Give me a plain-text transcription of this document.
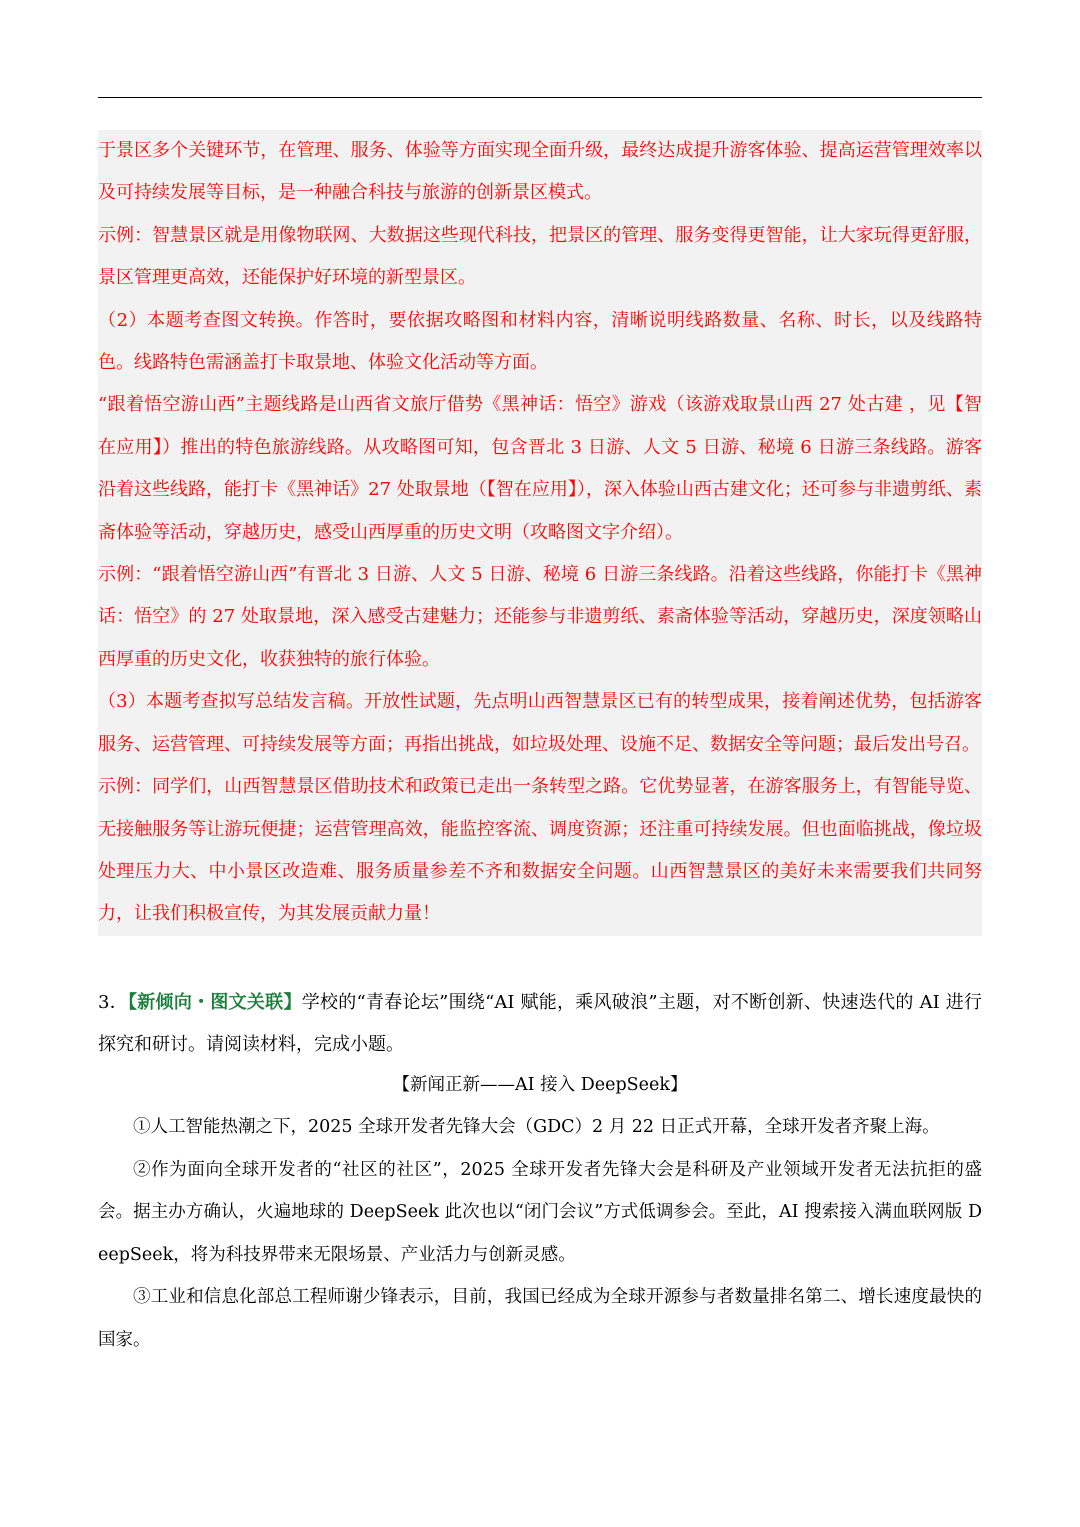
于景区多个关键环节，在管理、服务、体验等方面实现全面升级，最终达成提升游客体验、提高运营管理效率以及可持续发展等目标，是一种融合科技与旅游的创新景区模式。

示例：智慧景区就是用像物联网、大数据这些现代科技，把景区的管理、服务变得更智能，让大家玩得更舒服，景区管理更高效，还能保护好环境的新型景区。

（2）本题考查图文转换。作答时，要依据攻略图和材料内容，清晰说明线路数量、名称、时长，以及线路特色。线路特色需涵盖打卡取景地、体验文化活动等方面。

“跟着悟空游山西”主题线路是山西省文旅厅借势《黑神话：悟空》游戏（该游戏取景山西 27 处古建 ，见【智在应用】）推出的特色旅游线路。从攻略图可知，包含晋北 3 日游、人文 5 日游、秘境 6 日游三条线路。游客沿着这些线路，能打卡《黑神话》27 处取景地（【智在应用】），深入体验山西古建文化；还可参与非遗剪纸、素斋体验等活动，穿越历史，感受山西厚重的历史文明（攻略图文字介绍）。

示例：“跟着悟空游山西”有晋北 3 日游、人文 5 日游、秘境 6 日游三条线路。沿着这些线路，你能打卡《黑神话：悟空》的 27 处取景地，深入感受古建魅力；还能参与非遗剪纸、素斋体验等活动，穿越历史，深度领略山西厚重的历史文化，收获独特的旅行体验。

（3）本题考查拟写总结发言稿。开放性试题，先点明山西智慧景区已有的转型成果，接着阐述优势，包括游客服务、运营管理、可持续发展等方面；再指出挑战，如垃圾处理、设施不足、数据安全等问题；最后发出号召。

示例：同学们，山西智慧景区借助技术和政策已走出一条转型之路。它优势显著，在游客服务上，有智能导览、无接触服务等让游玩便捷；运营管理高效，能监控客流、调度资源；还注重可持续发展。但也面临挑战，像垃圾处理压力大、中小景区改造难、服务质量参差不齐和数据安全问题。山西智慧景区的美好未来需要我们共同努力，让我们积极宣传，为其发展贡献力量！

3．【新倾向・图文关联】学校的“青春论坛”围绕“AI 赋能，乘风破浪”主题，对不断创新、快速迭代的 AI 进行探究和研讨。请阅读材料，完成小题。

【新闻正新——AI 接入 DeepSeek】

①人工智能热潮之下，2025 全球开发者先锋大会（GDC）2 月 22 日正式开幕，全球开发者齐聚上海。

②作为面向全球开发者的“社区的社区”，2025 全球开发者先锋大会是科研及产业领域开发者无法抗拒的盛会。据主办方确认，火遍地球的 DeepSeek 此次也以“闭门会议”方式低调参会。至此，AI 搜索接入满血联网版 DeepSeek，将为科技界带来无限场景、产业活力与创新灵感。

③工业和信息化部总工程师谢少锋表示，目前，我国已经成为全球开源参与者数量排名第二、增长速度最快的国家。
